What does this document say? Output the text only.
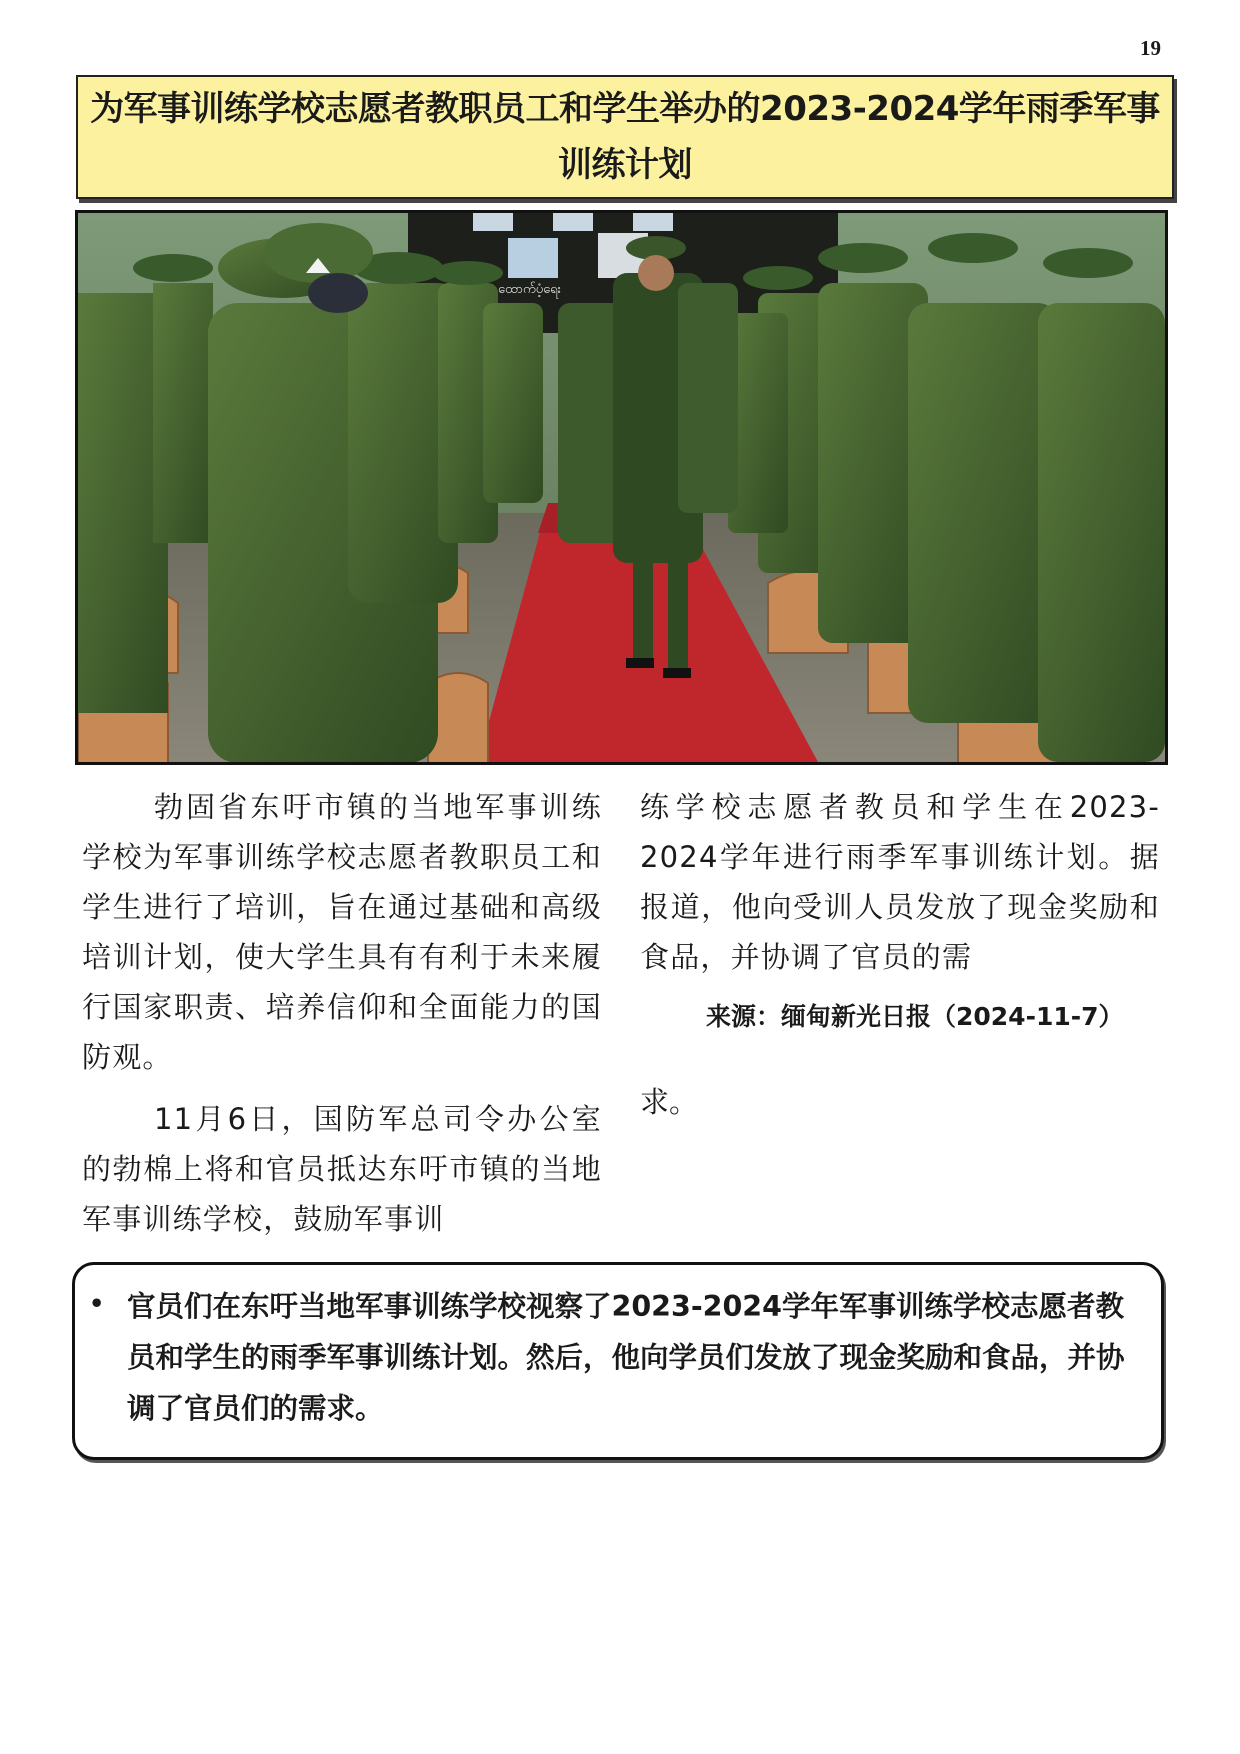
19
为军事训练学校志愿者教职员工和学生举办的2023-2024学年雨季军事训练计划
ထောက်ပံ့ရေး

勃固省东吁市镇的当地军事训练学校为军事训练学校志愿者教职员工和学生进行了培训，旨在通过基础和高级培训计划，使大学生具有有利于未来履行国家职责、培养信仰和全面能力的国防观。

11月6日，国防军总司令办公室的勃棉上将和官员抵达东吁市镇的当地军事训练学校，鼓励军事训

练学校志愿者教员和学生在2023-2024学年进行雨季军事训练计划。据报道，他向受训人员发放了现金奖励和食品，并协调了官员的需

来源：缅甸新光日报（2024-11-7）
求。
• 官员们在东吁当地军事训练学校视察了2023-2024学年军事训练学校志愿者教员和学生的雨季军事训练计划。然后，他向学员们发放了现金奖励和食品，并协调了官员们的需求。
